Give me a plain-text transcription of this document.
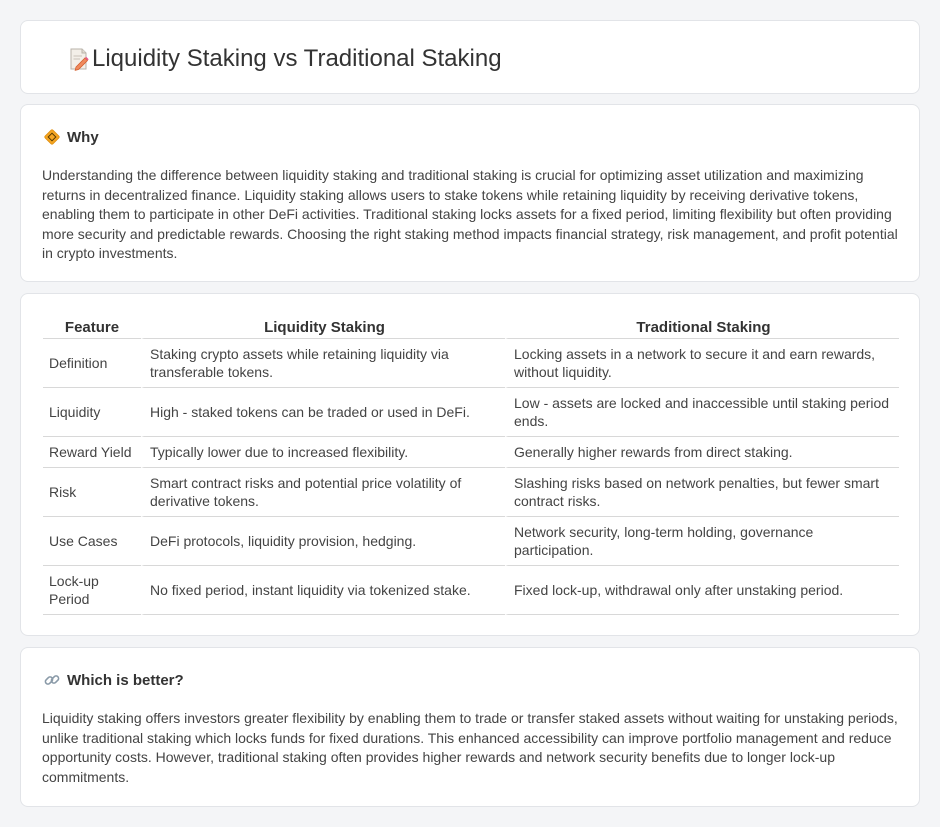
Liquidity Staking vs Traditional Staking
Why

Understanding the difference between liquidity staking and traditional staking is crucial for optimizing asset utilization and maximizing returns in decentralized finance. Liquidity staking allows users to stake tokens while retaining liquidity by receiving derivative tokens, enabling them to participate in other DeFi activities. Traditional staking locks assets for a fixed period, limiting flexibility but often providing more security and predictable rewards. Choosing the right staking method impacts financial strategy, risk management, and profit potential in crypto investments.

Feature	Liquidity Staking	Traditional Staking
Definition	Staking crypto assets while retaining liquidity via transferable tokens.	Locking assets in a network to secure it and earn rewards, without liquidity.
Liquidity	High - staked tokens can be traded or used in DeFi.	Low - assets are locked and inaccessible until staking period ends.
Reward Yield	Typically lower due to increased flexibility.	Generally higher rewards from direct staking.
Risk	Smart contract risks and potential price volatility of derivative tokens.	Slashing risks based on network penalties, but fewer smart contract risks.
Use Cases	DeFi protocols, liquidity provision, hedging.	Network security, long-term holding, governance participation.
Lock-up Period	No fixed period, instant liquidity via tokenized stake.	Fixed lock-up, withdrawal only after unstaking period.
Which is better?

Liquidity staking offers investors greater flexibility by enabling them to trade or transfer staked assets without waiting for unstaking periods, unlike traditional staking which locks funds for fixed durations. This enhanced accessibility can improve portfolio management and reduce opportunity costs. However, traditional staking often provides higher rewards and network security benefits due to longer lock-up commitments.
